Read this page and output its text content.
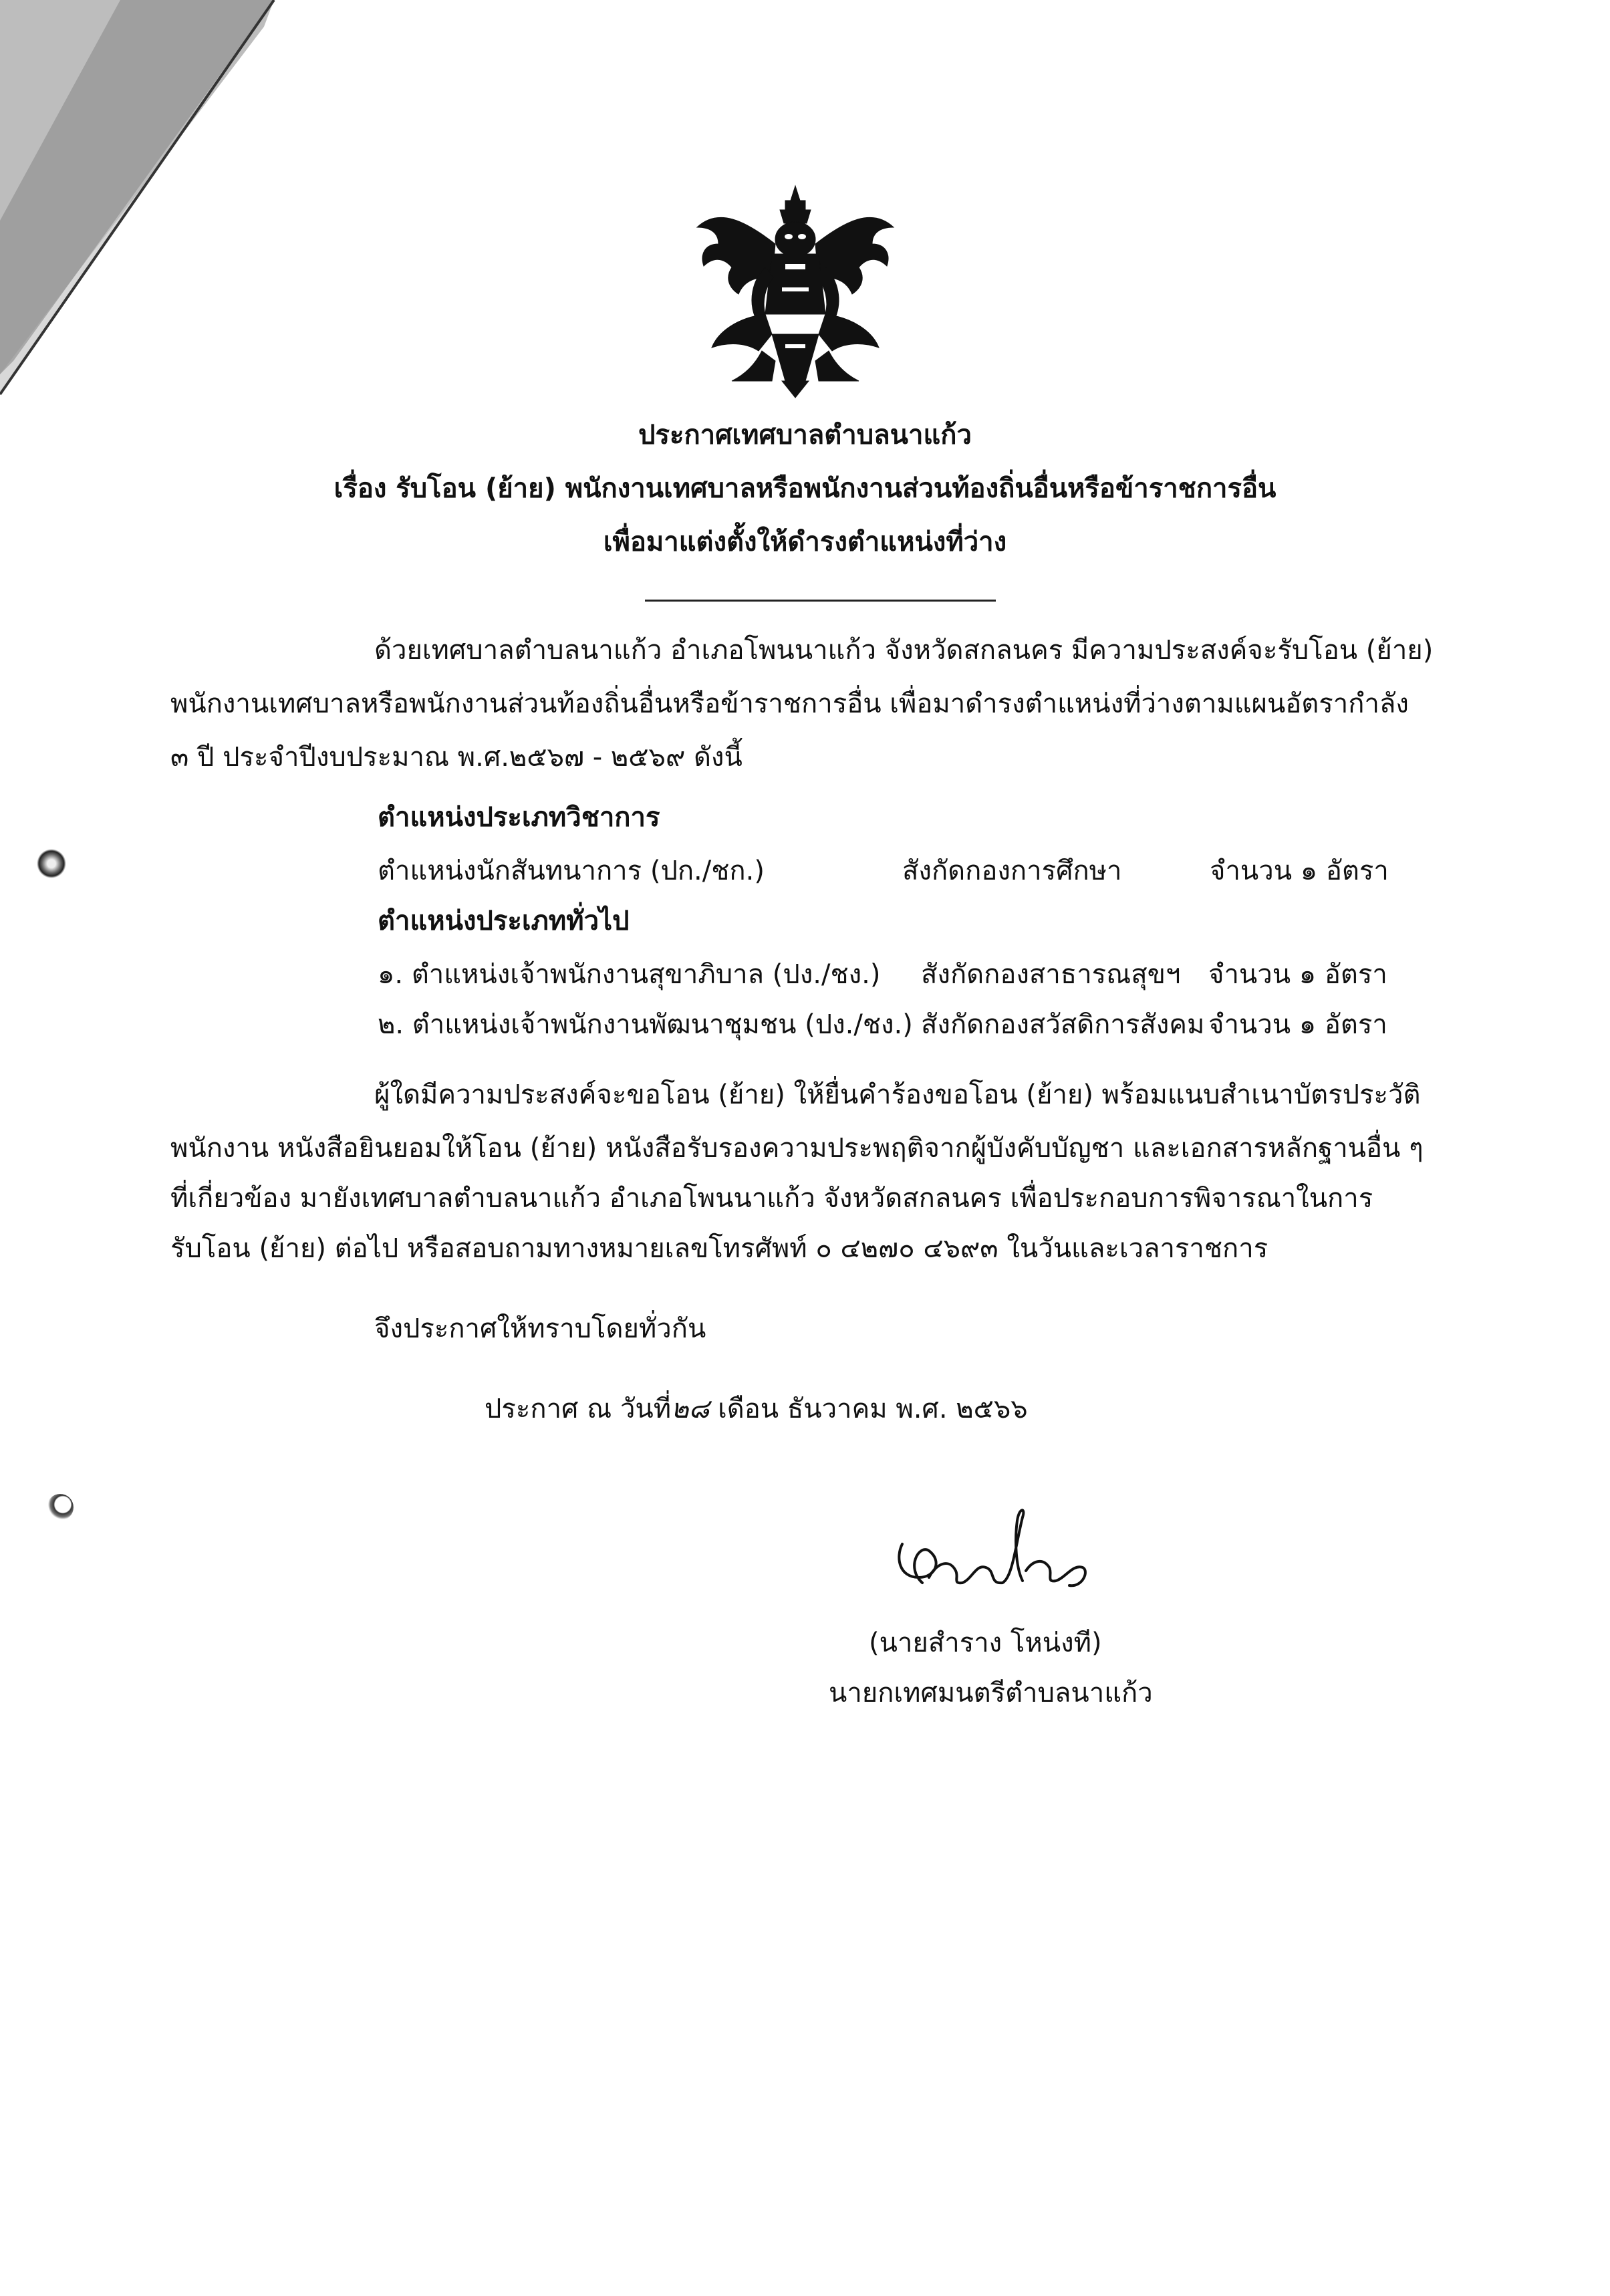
ประกาศเทศบาลตำบลนาแก้ว

เรื่อง รับโอน (ย้าย) พนักงานเทศบาลหรือพนักงานส่วนท้องถิ่นอื่นหรือข้าราชการอื่น

เพื่อมาแต่งตั้งให้ดำรงตำแหน่งที่ว่าง

ด้วยเทศบาลตำบลนาแก้ว อำเภอโพนนาแก้ว จังหวัดสกลนคร มีความประสงค์จะรับโอน (ย้าย)

พนักงานเทศบาลหรือพนักงานส่วนท้องถิ่นอื่นหรือข้าราชการอื่น เพื่อมาดำรงตำแหน่งที่ว่างตามแผนอัตรากำลัง

๓ ปี ประจำปีงบประมาณ พ.ศ.๒๕๖๗ - ๒๕๖๙ ดังนี้

ตำแหน่งประเภทวิชาการ

ตำแหน่งนักสันทนาการ (ปก./ชก.)	สังกัดกองการศึกษา	จำนวน ๑ อัตรา

ตำแหน่งประเภททั่วไป

๑. ตำแหน่งเจ้าพนักงานสุขาภิบาล (ปง./ชง.) สังกัดกองสาธารณสุขฯ จำนวน ๑ อัตรา

๒. ตำแหน่งเจ้าพนักงานพัฒนาชุมชน (ปง./ชง.) สังกัดกองสวัสดิการสังคม จำนวน ๑ อัตรา

ผู้ใดมีความประสงค์จะขอโอน (ย้าย) ให้ยื่นคำร้องขอโอน (ย้าย) พร้อมแนบสำเนาบัตรประวัติ

พนักงาน หนังสือยินยอมให้โอน (ย้าย) หนังสือรับรองความประพฤติจากผู้บังคับบัญชา และเอกสารหลักฐานอื่น ๆ

ที่เกี่ยวข้อง มายังเทศบาลตำบลนาแก้ว อำเภอโพนนาแก้ว จังหวัดสกลนคร เพื่อประกอบการพิจารณาในการ

รับโอน (ย้าย) ต่อไป หรือสอบถามทางหมายเลขโทรศัพท์ ๐ ๔๒๗๐ ๔๖๙๓ ในวันและเวลาราชการ

จึงประกาศให้ทราบโดยทั่วกัน

ประกาศ ณ วันที่๒๘ เดือน ธันวาคม พ.ศ. ๒๕๖๖

(นายสำราง โหน่งที)

นายกเทศมนตรีตำบลนาแก้ว
